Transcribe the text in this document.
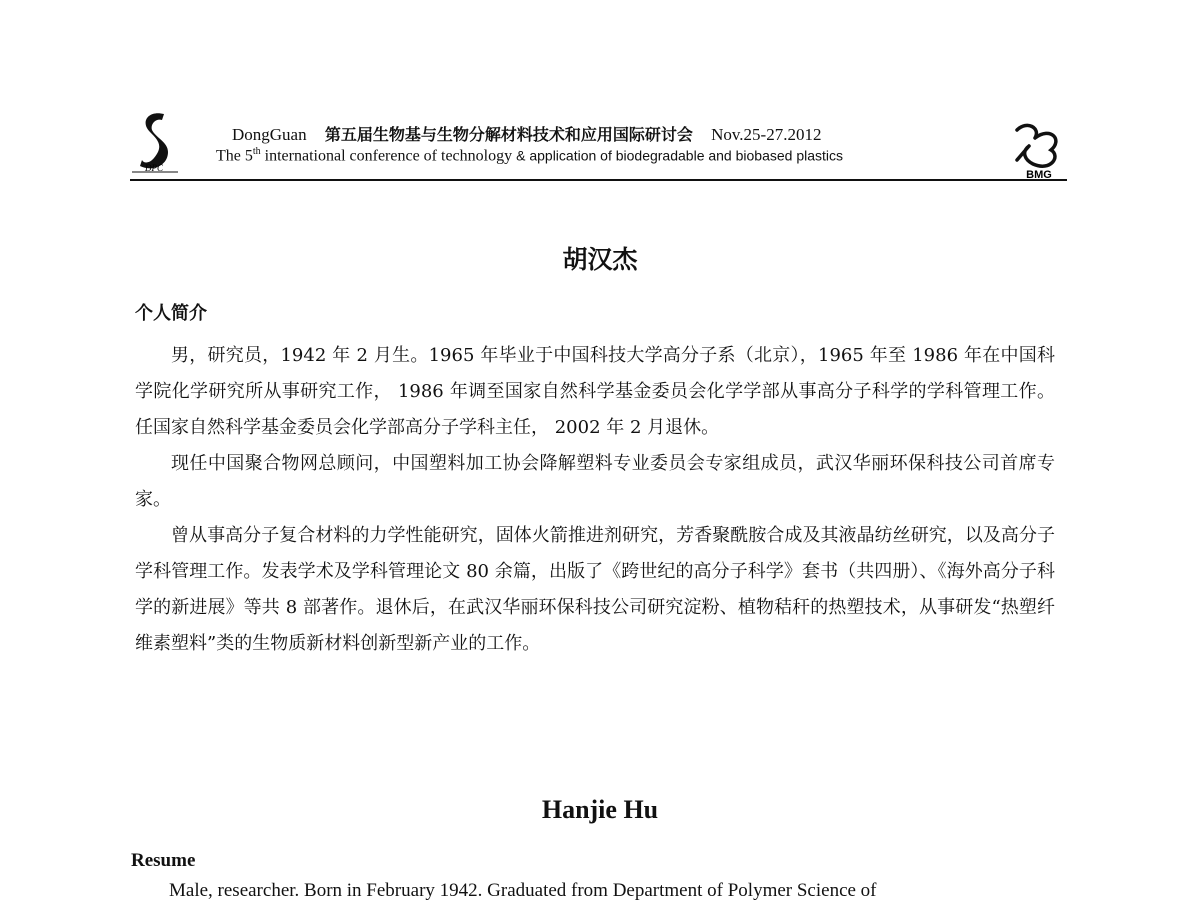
DPC
DongGuan 第五届生物基与生物分解材料技术和应用国际研讨会 Nov.25-27.2012
The 5th international conference of technology & application of biodegradable and biobased plastics
BMG
胡汉杰
个人简介

男，研究员，1942 年 2 月生。1965 年毕业于中国科技大学高分子系（北京），1965 年至 1986 年在中国科学院化学研究所从事研究工作， 1986 年调至国家自然科学基金委员会化学学部从事高分子科学的学科管理工作。任国家自然科学基金委员会化学部高分子学科主任， 2002 年 2 月退休。

现任中国聚合物网总顾问，中国塑料加工协会降解塑料专业委员会专家组成员，武汉华丽环保科技公司首席专家。

曾从事高分子复合材料的力学性能研究，固体火箭推进剂研究，芳香聚酰胺合成及其液晶纺丝研究，以及高分子学科管理工作。发表学术及学科管理论文 80 余篇，出版了《跨世纪的高分子科学》套书（共四册）、《海外高分子科学的新进展》等共 8 部著作。退休后，在武汉华丽环保科技公司研究淀粉、植物秸秆的热塑技术，从事研发“热塑纤维素塑料”类的生物质新材料创新型新产业的工作。

Hanjie Hu
Resume
Male, researcher. Born in February 1942. Graduated from Department of Polymer Science of
